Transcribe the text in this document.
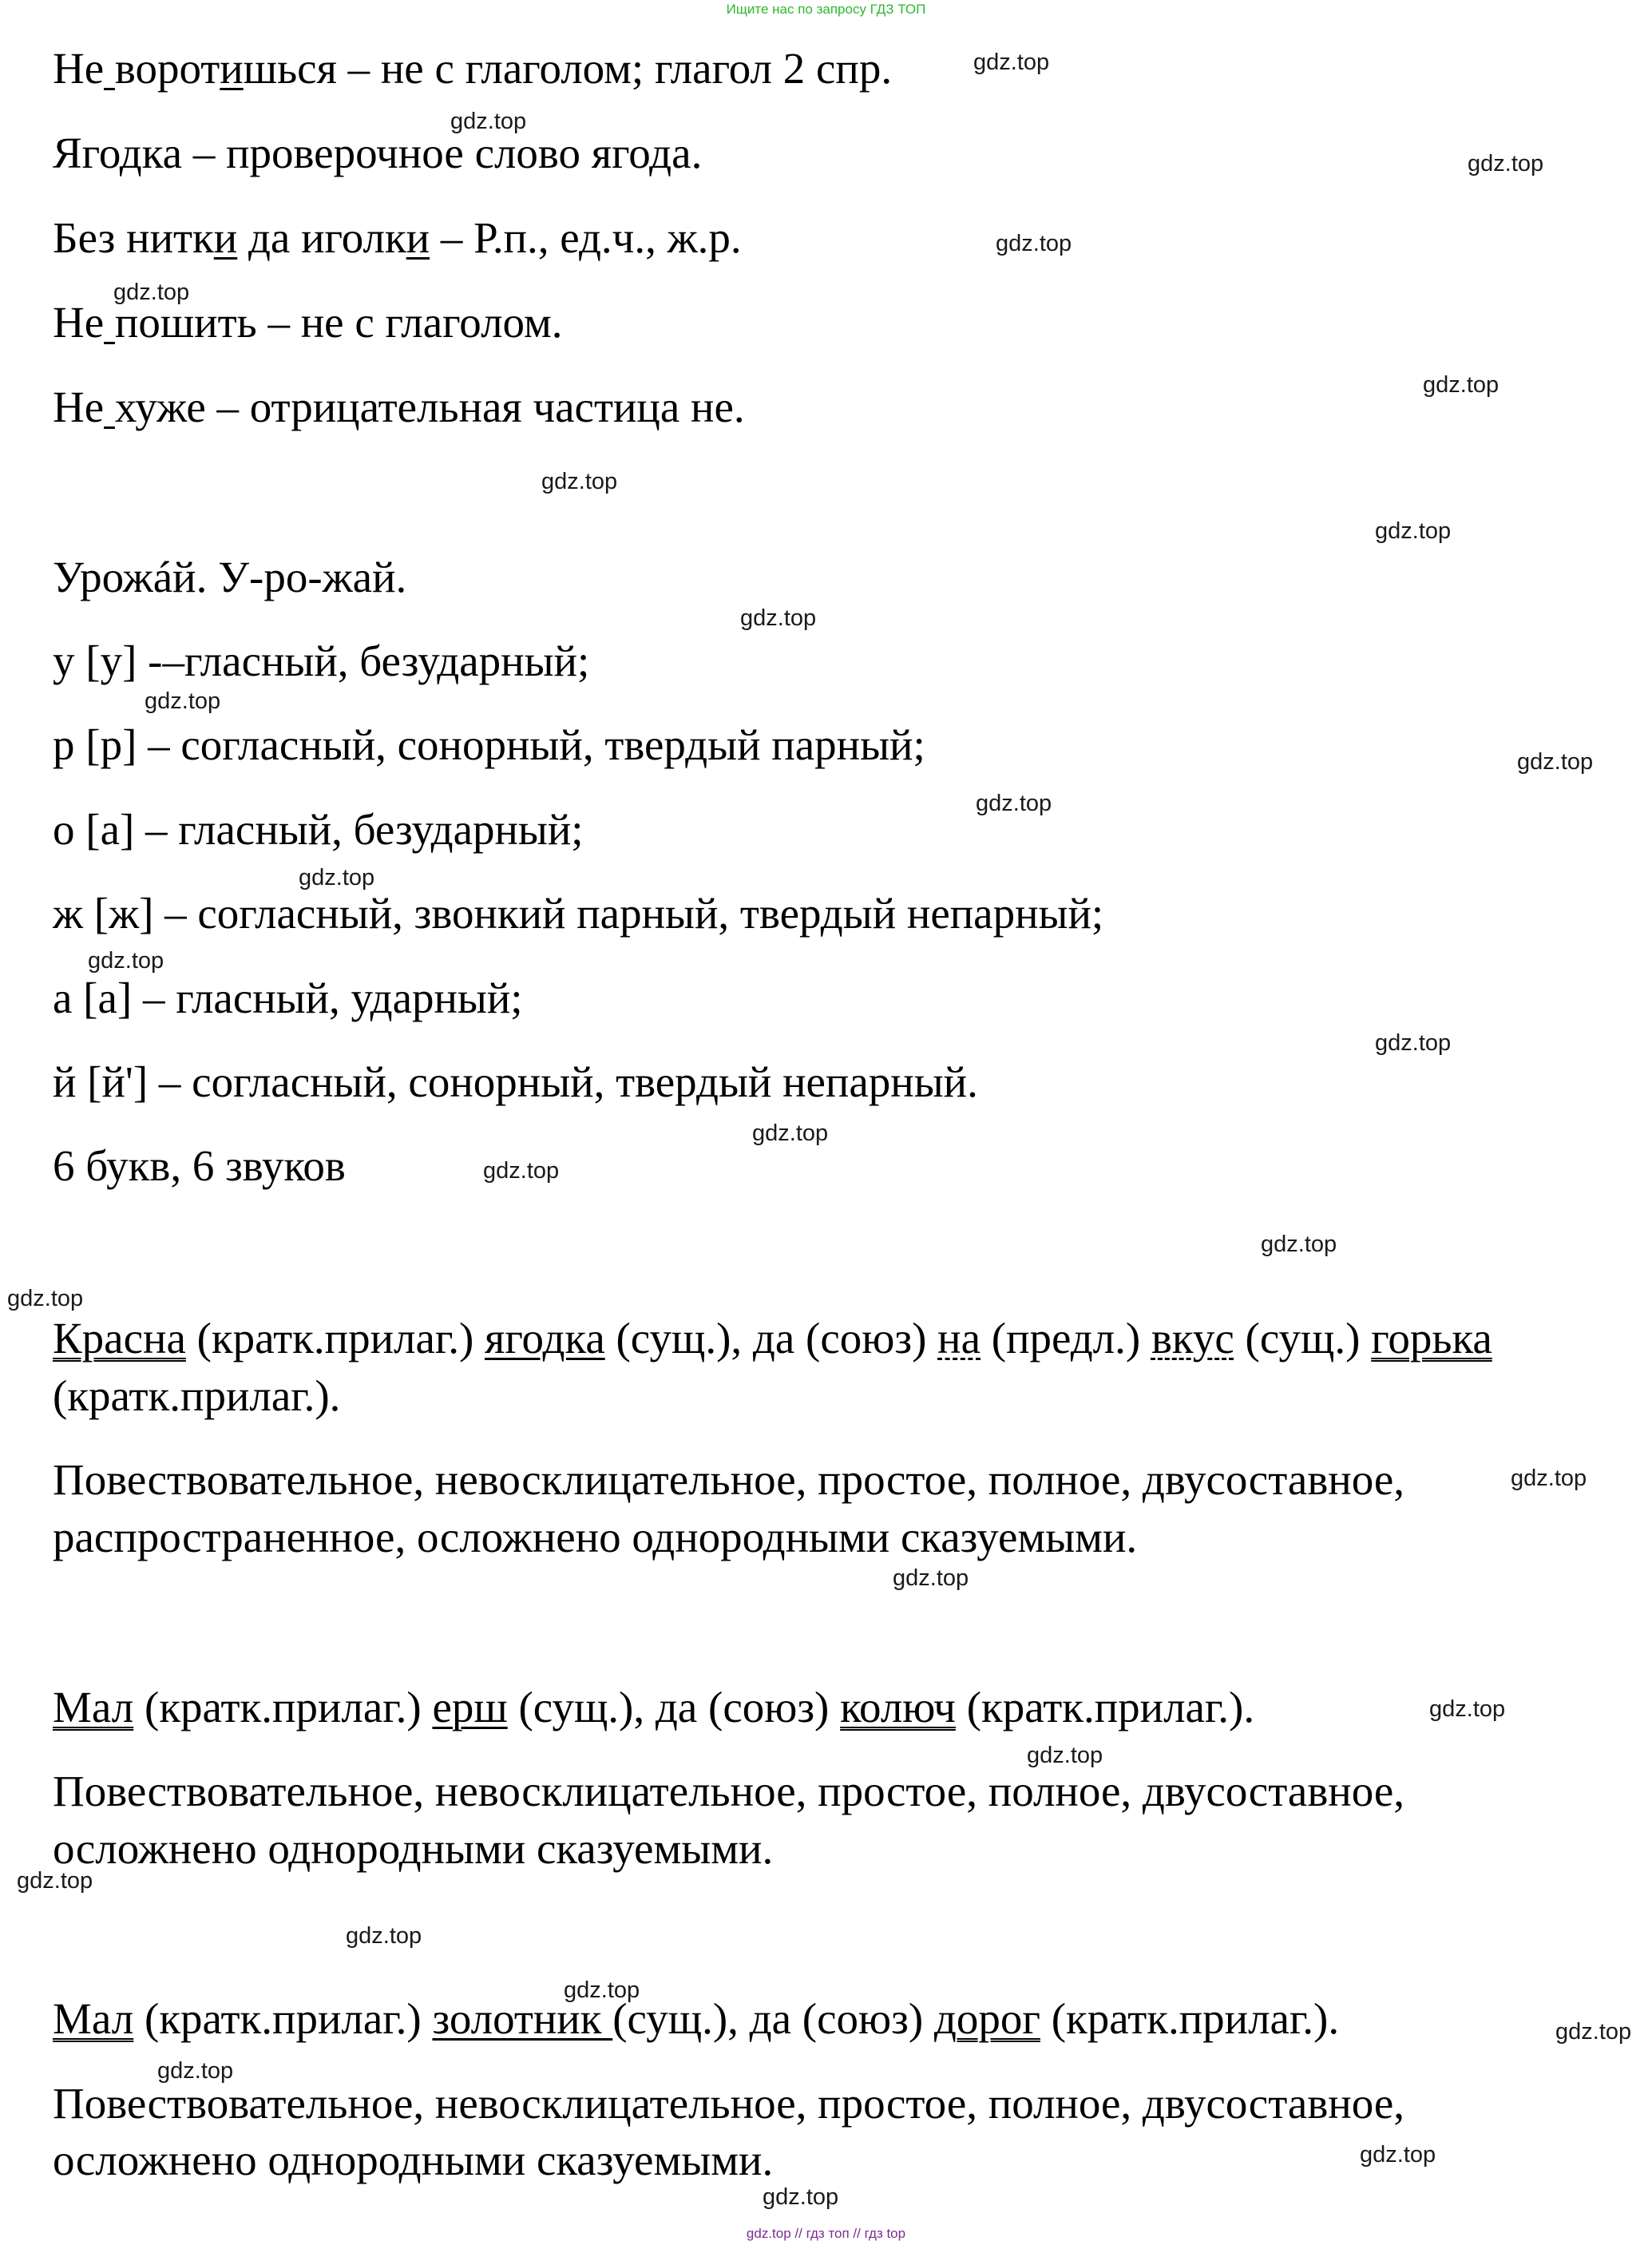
Ищите нас по запросу ГДЗ ТОП
Не воротишься – не с глаголом; глагол 2 спр.
Ягодка – проверочное слово ягода.
Без нитки да иголки – Р.п., ед.ч., ж.р.
Не пошить – не с глаголом.
Не хуже – отрицательная частица не.
Урожáй. У-ро-жай.
у [у] -–гласный, безударный;
р [р] – согласный, сонорный, твердый парный;
о [а] – гласный, безударный;
ж [ж] – согласный, звонкий парный, твердый непарный;
а [а] – гласный, ударный;
й [й'] – согласный, сонорный, твердый непарный.
6 букв, 6 звуков
Красна (кратк.прилаг.) ягодка (сущ.), да (союз) на (предл.) вкус (сущ.) горька
(кратк.прилаг.).
Повествовательное, невосклицательное, простое, полное, двусоставное,
распространенное, осложнено однородными сказуемыми.
Мал (кратк.прилаг.) ерш (сущ.), да (союз) колюч (кратк.прилаг.).
Повествовательное, невосклицательное, простое, полное, двусоставное,
осложнено однородными сказуемыми.
Мал (кратк.прилаг.) золотник (сущ.), да (союз) дорог (кратк.прилаг.).
Повествовательное, невосклицательное, простое, полное, двусоставное,
осложнено однородными сказуемыми.
gdz.top
gdz.top
gdz.top
gdz.top
gdz.top
gdz.top
gdz.top
gdz.top
gdz.top
gdz.top
gdz.top
gdz.top
gdz.top
gdz.top
gdz.top
gdz.top
gdz.top
gdz.top
gdz.top
gdz.top
gdz.top
gdz.top
gdz.top
gdz.top
gdz.top
gdz.top
gdz.top
gdz.top
gdz.top
gdz.top
gdz.top // гдз топ // гдз top
